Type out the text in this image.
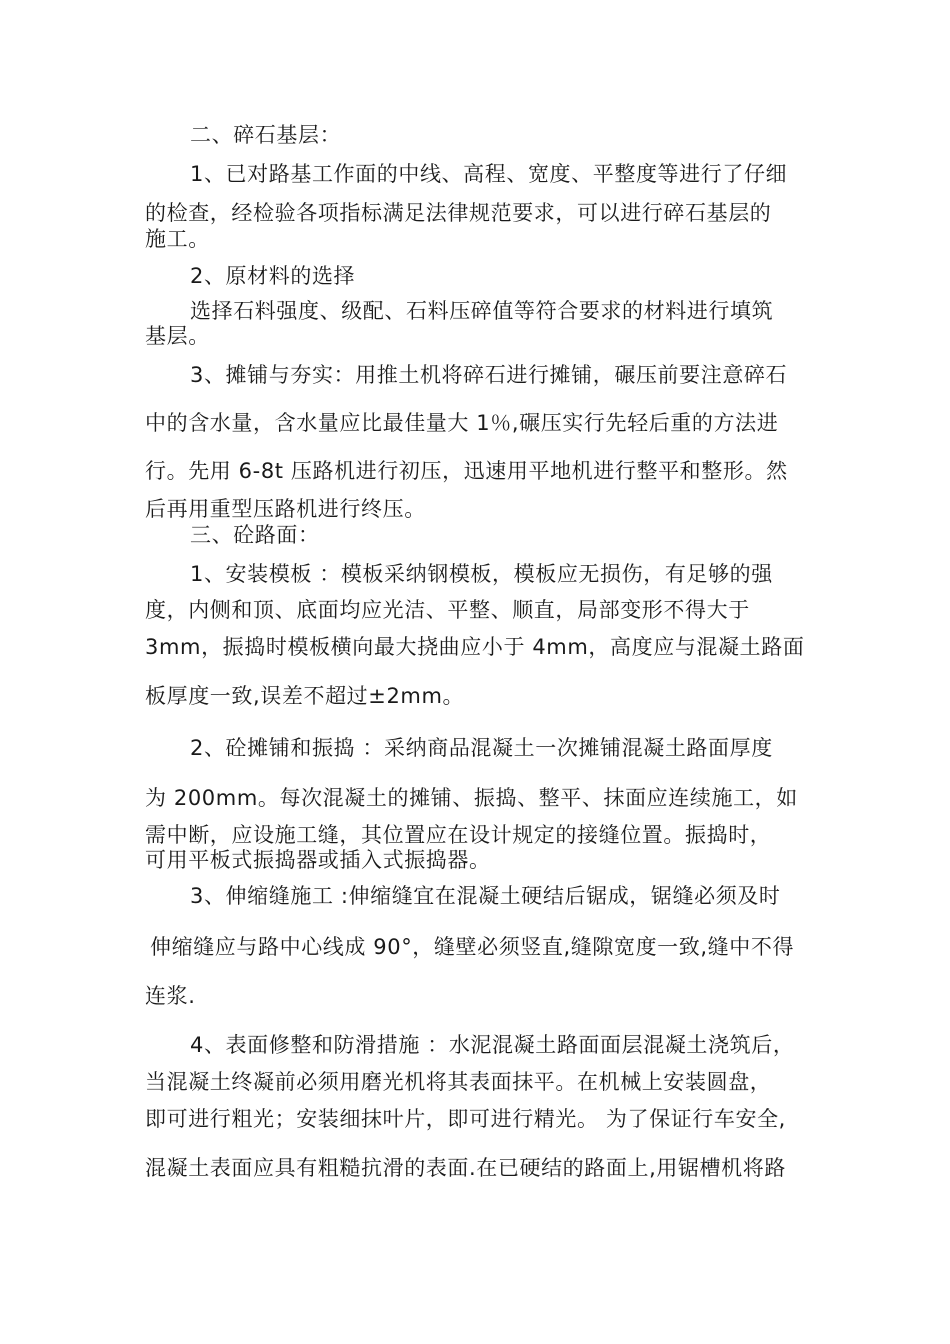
二、碎石基层：
1、已对路基工作面的中线、高程、宽度、平整度等进行了仔细
的检查，经检验各项指标满足法律规范要求，可以进行碎石基层的
施工。
2、原材料的选择
选择石料强度、级配、石料压碎值等符合要求的材料进行填筑
基层。
3、摊铺与夯实：用推土机将碎石进行摊铺，碾压前要注意碎石
中的含水量，含水量应比最佳量大 1％,碾压实行先轻后重的方法进
行。先用 6-8t 压路机进行初压，迅速用平地机进行整平和整形。然
后再用重型压路机进行终压。
三、砼路面：
1、安装模板 ：模板采纳钢模板，模板应无损伤，有足够的强
度，内侧和顶、底面均应光洁、平整、顺直，局部变形不得大于
3mm，振捣时模板横向最大挠曲应小于 4mm，高度应与混凝土路面
板厚度一致,误差不超过±2mm。
2、砼摊铺和振捣 ：采纳商品混凝土一次摊铺混凝土路面厚度
为 200mm。每次混凝土的摊铺、振捣、整平、抹面应连续施工，如
需中断，应设施工缝，其位置应在设计规定的接缝位置。振捣时，
可用平板式振捣器或插入式振捣器。
3、伸缩缝施工 :伸缩缝宜在混凝土硬结后锯成，锯缝必须及时
伸缩缝应与路中心线成 90°，缝壁必须竖直,缝隙宽度一致,缝中不得
连浆.
4、表面修整和防滑措施 ：水泥混凝土路面面层混凝土浇筑后，
当混凝土终凝前必须用磨光机将其表面抹平。在机械上安装圆盘，
即可进行粗光；安装细抹叶片，即可进行精光。 为了保证行车安全,
混凝土表面应具有粗糙抗滑的表面.在已硬结的路面上,用锯槽机将路
